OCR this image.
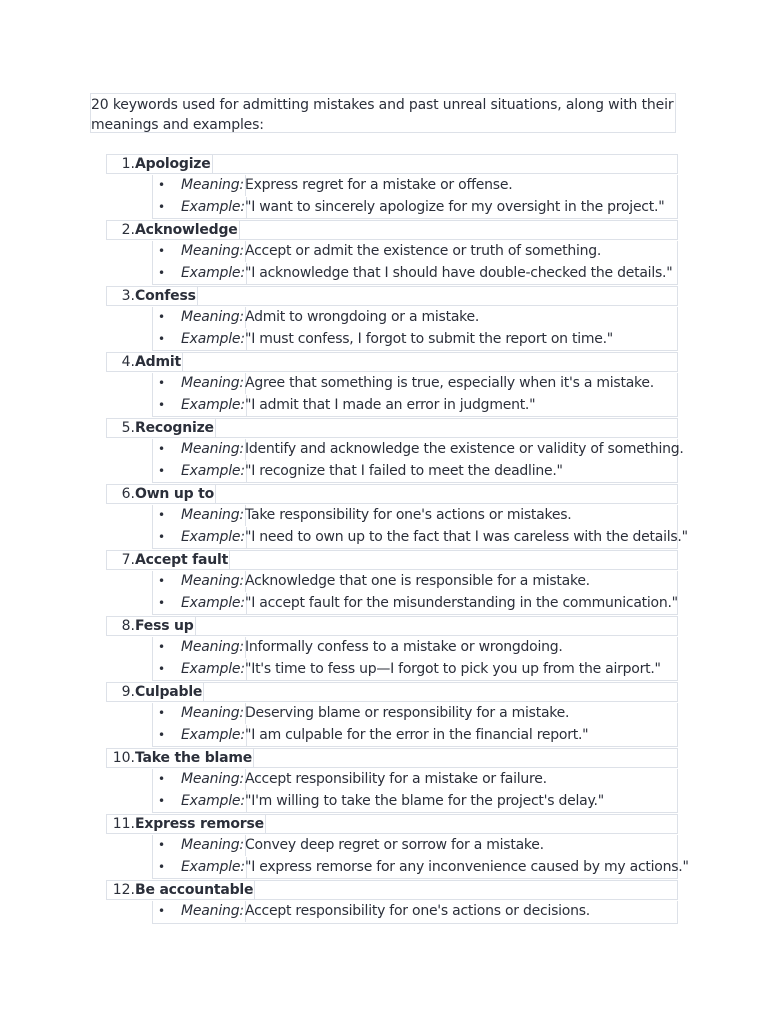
20 keywords used for admitting mistakes and past unreal situations, along with their meanings and examples:
1. Apologize
• Meaning: Express regret for a mistake or offense.
• Example: "I want to sincerely apologize for my oversight in the project."
2. Acknowledge
• Meaning: Accept or admit the existence or truth of something.
• Example: "I acknowledge that I should have double-checked the details."
3. Confess
• Meaning: Admit to wrongdoing or a mistake.
• Example: "I must confess, I forgot to submit the report on time."
4. Admit
• Meaning: Agree that something is true, especially when it's a mistake.
• Example: "I admit that I made an error in judgment."
5. Recognize
• Meaning: Identify and acknowledge the existence or validity of something.
• Example: "I recognize that I failed to meet the deadline."
6. Own up to
• Meaning: Take responsibility for one's actions or mistakes.
• Example: "I need to own up to the fact that I was careless with the details."
7. Accept fault
• Meaning: Acknowledge that one is responsible for a mistake.
• Example: "I accept fault for the misunderstanding in the communication."
8. Fess up
• Meaning: Informally confess to a mistake or wrongdoing.
• Example: "It's time to fess up—I forgot to pick you up from the airport."
9. Culpable
• Meaning: Deserving blame or responsibility for a mistake.
• Example: "I am culpable for the error in the financial report."
10. Take the blame
• Meaning: Accept responsibility for a mistake or failure.
• Example: "I'm willing to take the blame for the project's delay."
11. Express remorse
• Meaning: Convey deep regret or sorrow for a mistake.
• Example: "I express remorse for any inconvenience caused by my actions."
12. Be accountable
• Meaning: Accept responsibility for one's actions or decisions.
